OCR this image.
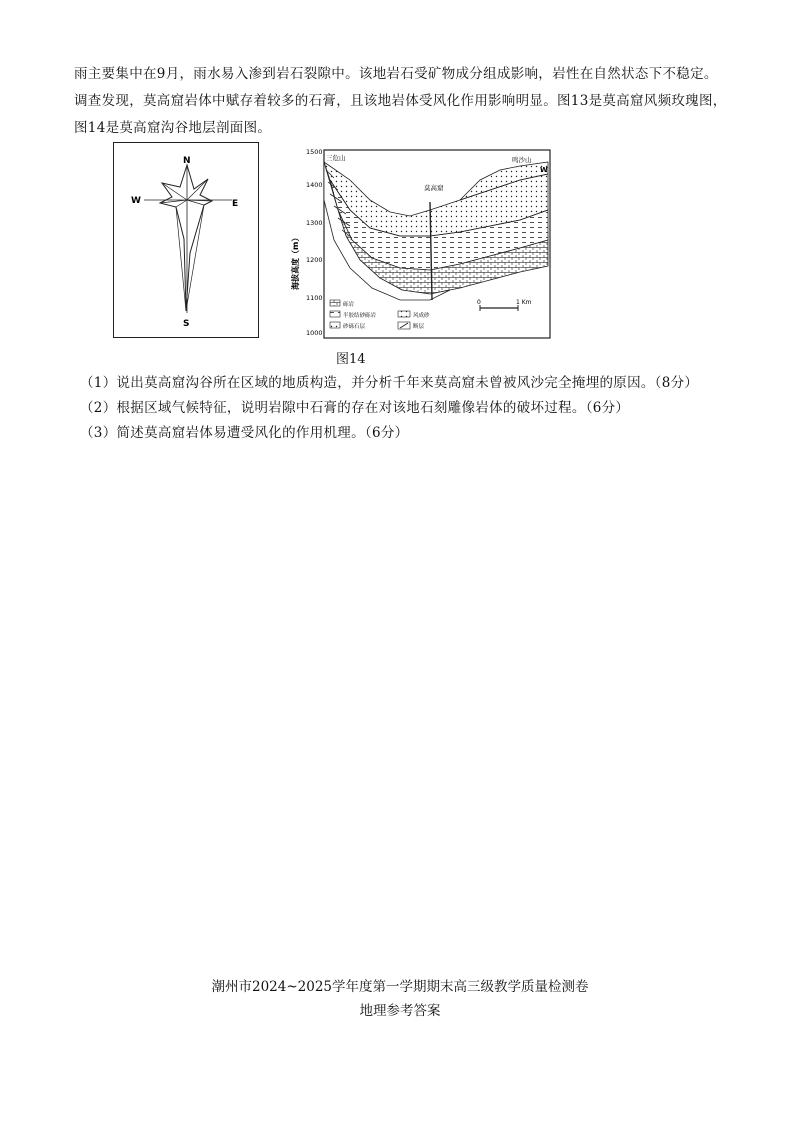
雨主要集中在9月，雨水易入渗到岩石裂隙中。该地岩石受矿物成分组成影响，岩性在自然状态下不稳定。
调查发现，莫高窟岩体中赋存着较多的石膏，且该地岩体受风化作用影响明显。图13是莫高窟风频玫瑰图，
图14是莫高窟沟谷地层剖面图。
N
S
W	E
海拔高度（m）
1500
1400
1300
1200
1100
1000
三危山
莫高窟
鸣沙山
W
砾岩
半胶结砂砾岩
砂砾石层
风成砂
断层
0	1 Km
图14
（1）说出莫高窟沟谷所在区域的地质构造，并分析千年来莫高窟未曾被风沙完全掩埋的原因。（8分）
（2）根据区域气候特征，说明岩隙中石膏的存在对该地石刻雕像岩体的破坏过程。（6分）
（3）简述莫高窟岩体易遭受风化的作用机理。（6分）
潮州市2024~2025学年度第一学期期末高三级教学质量检测卷
地理参考答案
